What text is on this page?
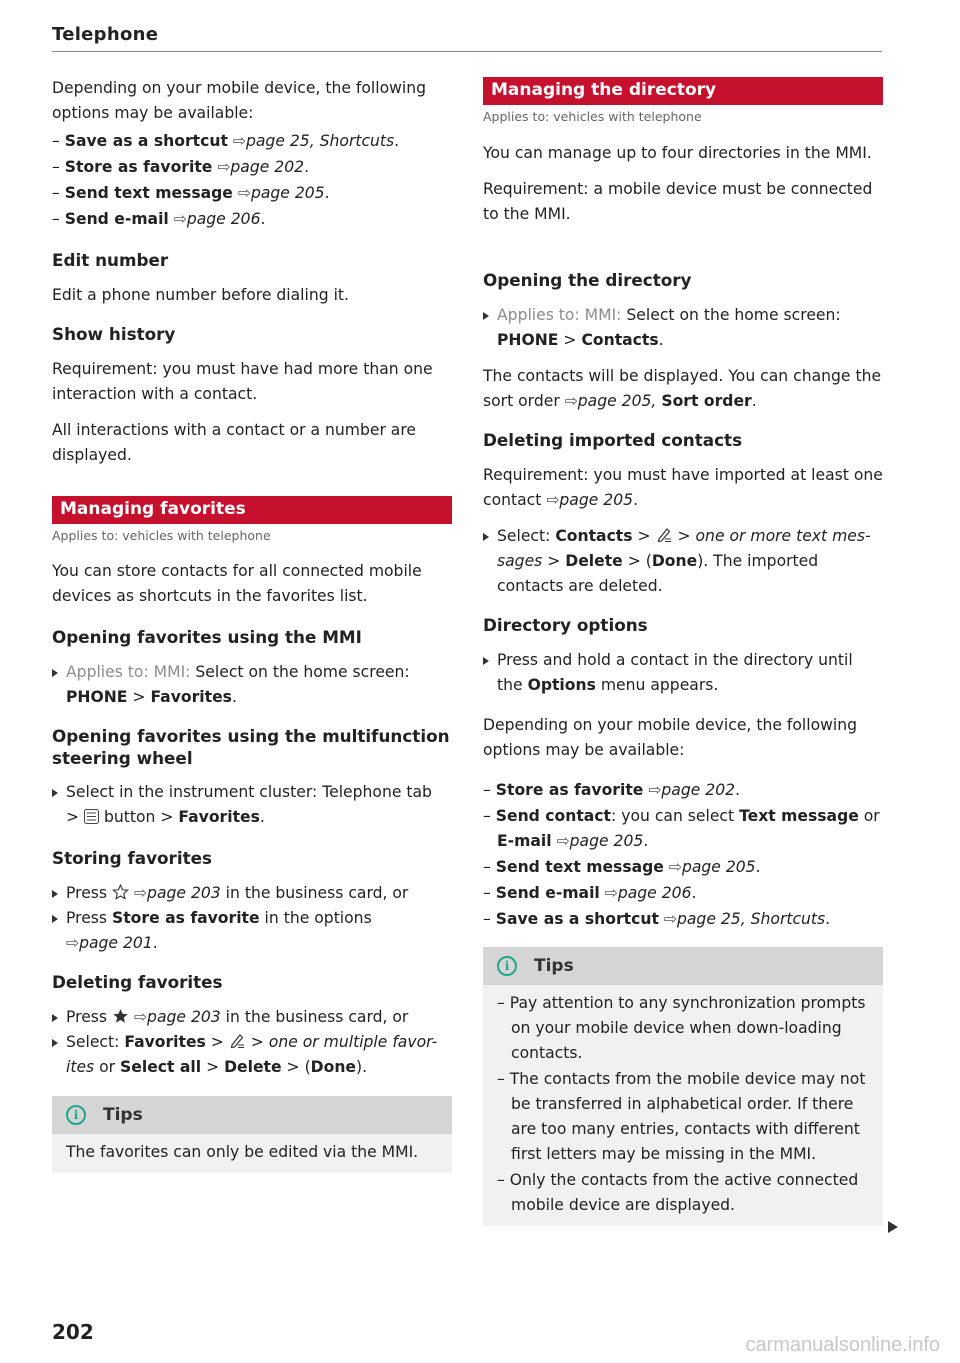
Telephone

Depending on your mobile device, the following options may be available:

– Save as a shortcut ⇨page 25, Shortcuts.
– Store as favorite ⇨page 202.
– Send text message ⇨page 205.
– Send e-mail ⇨page 206.
Edit number

Edit a phone number before dialing it.

Show history

Requirement: you must have had more than one interaction with a contact.

All interactions with a contact or a number are displayed.

Managing favorites

Applies to: vehicles with telephone

You can store contacts for all connected mobile devices as shortcuts in the favorites list.

Opening favorites using the MMI
Applies to: MMI: Select on the home screen:
PHONE > Favorites.
Opening favorites using the multifunction steering wheel
Select in the instrument cluster: Telephone tab
>  button > Favorites.
Storing favorites
Press  ⇨page 203 in the business card, or
Press Store as favorite in the options
⇨page 201.
Deleting favorites
Press  ⇨page 203 in the business card, or
Select: Favorites >  > one or multiple favor-ites or Select all > Delete > (Done).
i	Tips

The favorites can only be edited via the MMI.

Managing the directory

Applies to: vehicles with telephone

You can manage up to four directories in the MMI.

Requirement: a mobile device must be connected to the MMI.

Opening the directory
Applies to: MMI: Select on the home screen:
PHONE > Contacts.

The contacts will be displayed. You can change the sort order ⇨page 205, Sort order.

Deleting imported contacts

Requirement: you must have imported at least one contact ⇨page 205.

Select: Contacts >  > one or more text mes-sages > Delete > (Done). The imported contacts are deleted.
Directory options
Press and hold a contact in the directory until the Options menu appears.

Depending on your mobile device, the following options may be available:

– Store as favorite ⇨page 202.
– Send contact: you can select Text message or E-mail ⇨page 205.
– Send text message ⇨page 205.
– Send e-mail ⇨page 206.
– Save as a shortcut ⇨page 25, Shortcuts.
i	Tips
– Pay attention to any synchronization prompts on your mobile device when down-loading contacts.
– The contacts from the mobile device may not be transferred in alphabetical order. If there are too many entries, contacts with different first letters may be missing in the MMI.
– Only the contacts from the active connected mobile device are displayed.
202
carmanualsonline.info
